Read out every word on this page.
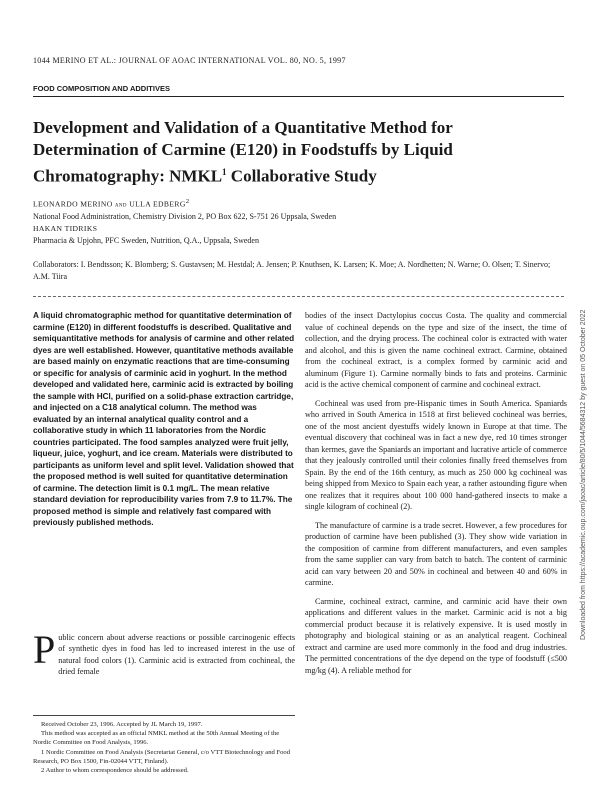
1044 MERINO ET AL.: JOURNAL OF AOAC INTERNATIONAL VOL. 80, NO. 5, 1997
FOOD COMPOSITION AND ADDITIVES
Development and Validation of a Quantitative Method for Determination of Carmine (E120) in Foodstuffs by Liquid Chromatography: NMKL$^1$ Collaborative Study
LEONARDO MERINO and ULLA EDBERG$^2$
National Food Administration, Chemistry Division 2, PO Box 622, S-751 26 Uppsala, Sweden
HAKAN TIDRIKS
Pharmacia & Upjohn, PFC Sweden, Nutrition, Q.A., Uppsala, Sweden
Collaborators: I. Bendtsson; K. Blomberg; S. Gustavsen; M. Hestdal; A. Jensen; P. Knuthsen, K. Larsen; K. Moe; A. Nordhetten; N. Warne; O. Olsen; T. Sinervo; A.M. Tiira

A liquid chromatographic method for quantitative determination of carmine (E120) in different foodstuffs is described. Qualitative and semiquantitative methods for analysis of carmine and other related dyes are well established. However, quantitative methods available are based mainly on enzymatic reactions that are time-consuming or specific for analysis of carminic acid in yoghurt. In the method developed and validated here, carminic acid is extracted by boiling the sample with HCl, purified on a solid-phase extraction cartridge, and injected on a C18 analytical column. The method was evaluated by an internal analytical quality control and a collaborative study in which 11 laboratories from the Nordic countries participated. The food samples analyzed were fruit jelly, liqueur, juice, yoghurt, and ice cream. Materials were distributed to participants as uniform level and split level. Validation showed that the proposed method is well suited for quantitative determination of carmine. The detection limit is 0.1 mg/L. The mean relative standard deviation for reproducibility varies from 7.9 to 11.7%. The proposed method is simple and relatively fast compared with previously published methods.

Public concern about adverse reactions or possible carcinogenic effects of synthetic dyes in food has led to increased interest in the use of natural food colors (1). Carminic acid is extracted from cochineal, the dried female

Received October 23, 1996. Accepted by JL March 19, 1997.

This method was accepted as an official NMKL method at the 50th Annual Meeting of the Nordic Committee on Food Analysis, 1996.

1 Nordic Committee on Food Analysis (Secretariat General, c/o VTT Biotechnology and Food Research, PO Box 1500, Fin-02044 VTT, Finland).

2 Author to whom correspondence should be addressed.

bodies of the insect Dactylopius coccus Costa. The quality and commercial value of cochineal depends on the type and size of the insect, the time of collection, and the drying process. The cochineal color is extracted with water and alcohol, and this is given the name cochineal extract. Carmine, obtained from the cochineal extract, is a complex formed by carminic acid and aluminum (Figure 1). Carmine normally binds to fats and proteins. Carminic acid is the active chemical component of carmine and cochineal extract.

Cochineal was used from pre-Hispanic times in South America. Spaniards who arrived in South America in 1518 at first believed cochineal was berries, one of the most ancient dyestuffs widely known in Europe at that time. The eventual discovery that cochineal was in fact a new dye, red 10 times stronger than kermes, gave the Spaniards an important and lucrative article of commerce that they jealously controlled until their colonies finally freed themselves from Spain. By the end of the 16th century, as much as 250 000 kg cochineal was being shipped from Mexico to Spain each year, a rather astounding figure when one realizes that it requires about 100 000 hand-gathered insects to make a single kilogram of cochineal (2).

The manufacture of carmine is a trade secret. However, a few procedures for production of carmine have been published (3). They show wide variation in the composition of carmine from different manufacturers, and even samples from the same supplier can vary from batch to batch. The content of carminic acid can vary between 20 and 50% in cochineal and between 40 and 60% in carmine.

Carmine, cochineal extract, carmine, and carminic acid have their own applications and different values in the market. Carminic acid is not a big commercial product because it is relatively expensive. It is used mostly in photography and biological staining or as an analytical reagent. Cochineal extract and carmine are used more commonly in the food and drug industries. The permitted concentrations of the dye depend on the type of foodstuff (≤500 mg/kg (4). A reliable method for

Downloaded from https://academic.oup.com/jaoac/article/80/5/1044/5684312 by guest on 05 October 2022
